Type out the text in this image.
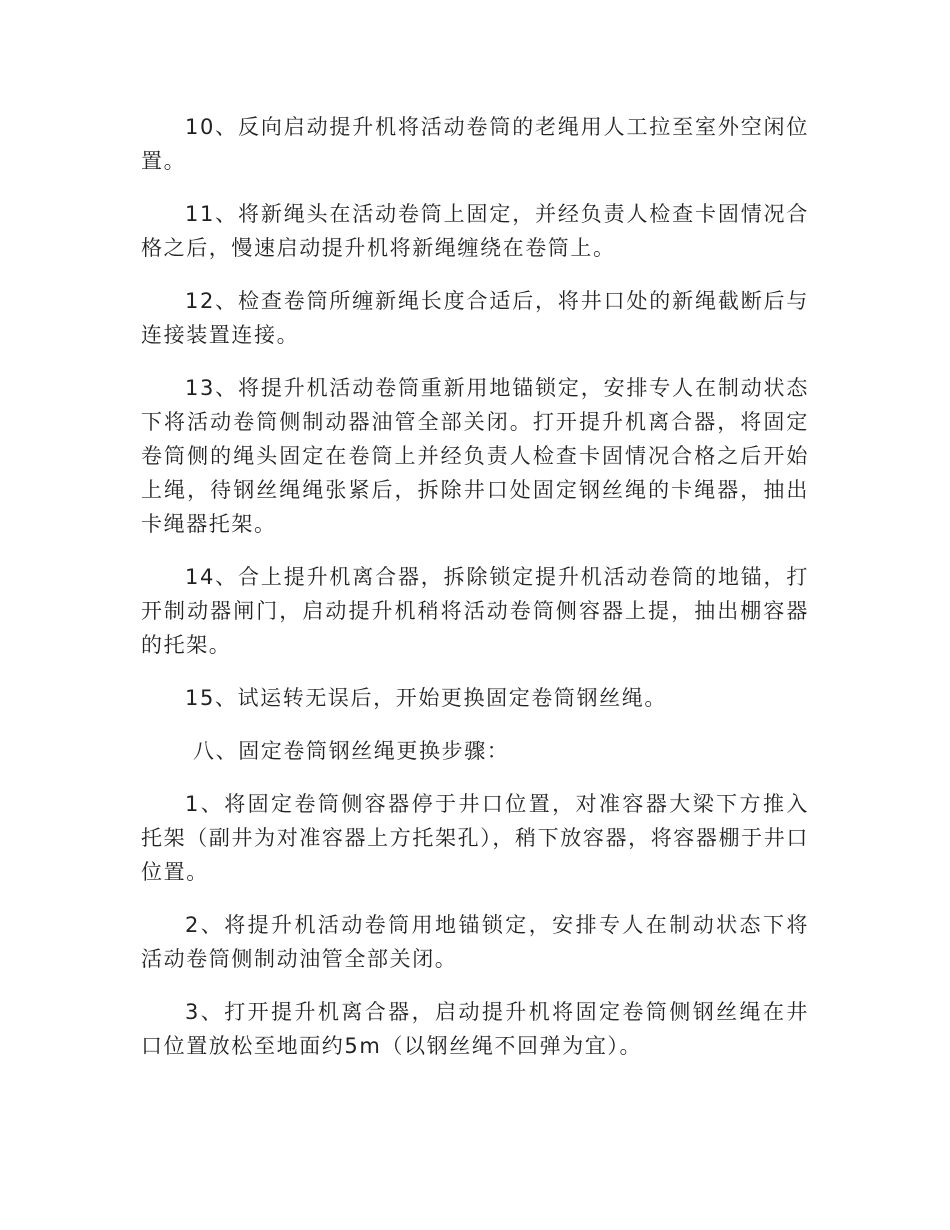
10、反向启动提升机将活动卷筒的老绳用人工拉至室外空闲位置。

11、将新绳头在活动卷筒上固定，并经负责人检查卡固情况合格之后，慢速启动提升机将新绳缠绕在卷筒上。

12、检查卷筒所缠新绳长度合适后，将井口处的新绳截断后与连接装置连接。

13、将提升机活动卷筒重新用地锚锁定，安排专人在制动状态下将活动卷筒侧制动器油管全部关闭。打开提升机离合器，将固定卷筒侧的绳头固定在卷筒上并经负责人检查卡固情况合格之后开始上绳，待钢丝绳绳张紧后，拆除井口处固定钢丝绳的卡绳器，抽出卡绳器托架。

14、合上提升机离合器，拆除锁定提升机活动卷筒的地锚，打开制动器闸门，启动提升机稍将活动卷筒侧容器上提，抽出棚容器的托架。

15、试运转无误后，开始更换固定卷筒钢丝绳。

八、固定卷筒钢丝绳更换步骤：

1、将固定卷筒侧容器停于井口位置，对准容器大梁下方推入托架（副井为对准容器上方托架孔），稍下放容器，将容器棚于井口位置。

2、将提升机活动卷筒用地锚锁定，安排专人在制动状态下将活动卷筒侧制动油管全部关闭。

3、打开提升机离合器，启动提升机将固定卷筒侧钢丝绳在井口位置放松至地面约5m（以钢丝绳不回弹为宜）。
